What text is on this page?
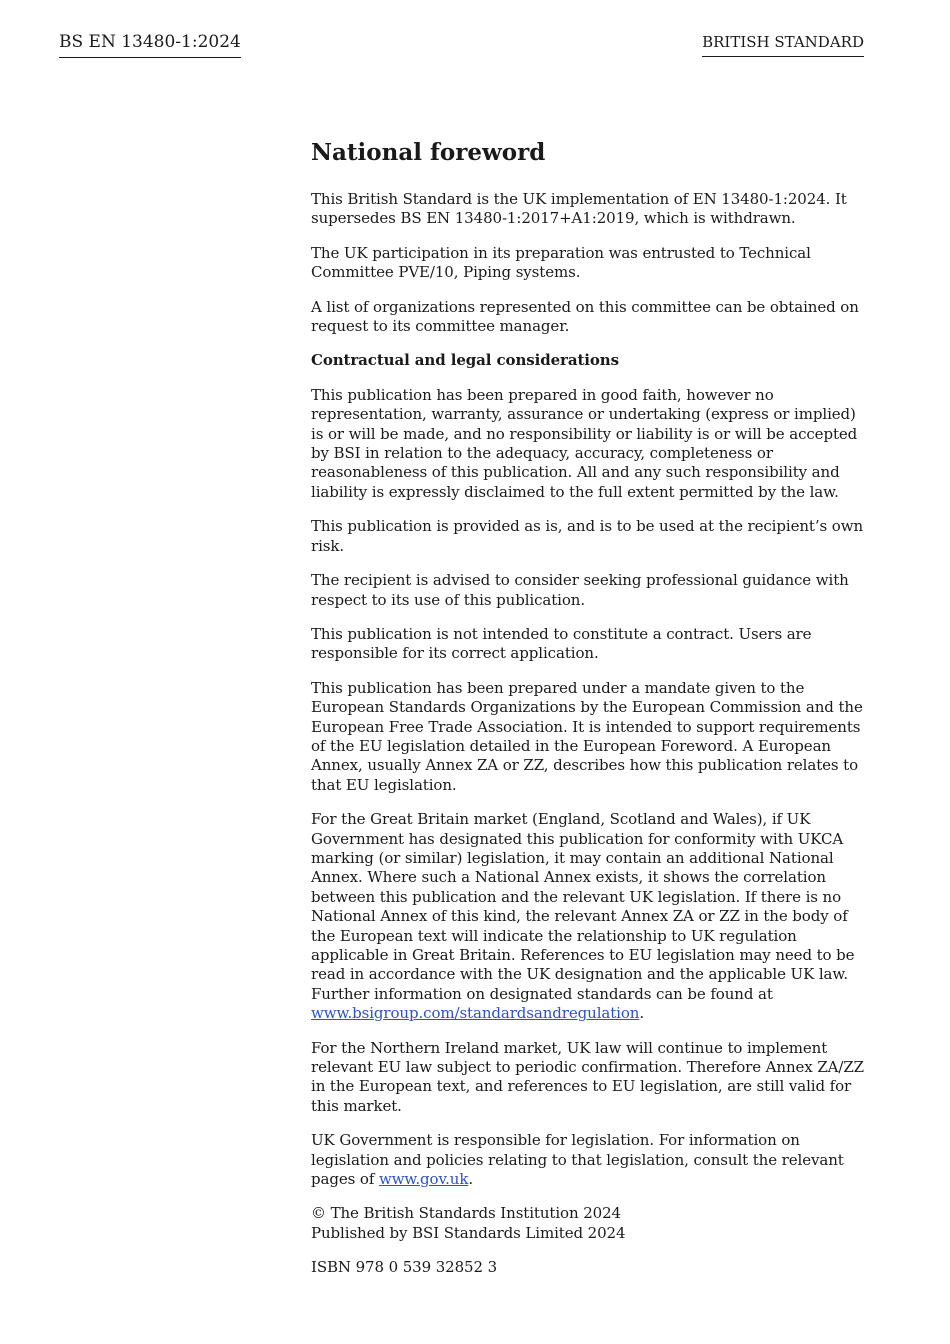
BS EN 13480-1:2024	BRITISH STANDARD
National foreword

This British Standard is the UK implementation of EN 13480-1:2024. It supersedes BS EN 13480-1:2017+A1:2019, which is withdrawn.

The UK participation in its preparation was entrusted to Technical Committee PVE/10, Piping systems.

A list of organizations represented on this committee can be obtained on request to its committee manager.

Contractual and legal considerations

This publication has been prepared in good faith, however no representation, warranty, assurance or undertaking (express or implied) is or will be made, and no responsibility or liability is or will be accepted by BSI in relation to the adequacy, accuracy, completeness or reasonableness of this publication. All and any such responsibility and liability is expressly disclaimed to the full extent permitted by the law.

This publication is provided as is, and is to be used at the recipient’s own risk.

The recipient is advised to consider seeking professional guidance with respect to its use of this publication.

This publication is not intended to constitute a contract. Users are responsible for its correct application.

This publication has been prepared under a mandate given to the European Standards Organizations by the European Commission and the European Free Trade Association. It is intended to support requirements of the EU legislation detailed in the European Foreword. A European Annex, usually Annex ZA or ZZ, describes how this publication relates to that EU legislation.

For the Great Britain market (England, Scotland and Wales), if UK Government has designated this publication for conformity with UKCA marking (or similar) legislation, it may contain an additional National Annex. Where such a National Annex exists, it shows the correlation between this publication and the relevant UK legislation. If there is no National Annex of this kind, the relevant Annex ZA or ZZ in the body of the European text will indicate the relationship to UK regulation applicable in Great Britain. References to EU legislation may need to be read in accordance with the UK designation and the applicable UK law. Further information on designated standards can be found at www.bsigroup.com/standardsandregulation.

For the Northern Ireland market, UK law will continue to implement relevant EU law subject to periodic confirmation. Therefore Annex ZA/ZZ in the European text, and references to EU legislation, are still valid for this market.

UK Government is responsible for legislation. For information on legislation and policies relating to that legislation, consult the relevant pages of www.gov.uk.

© The British Standards Institution 2024
Published by BSI Standards Limited 2024

ISBN 978 0 539 32852 3
